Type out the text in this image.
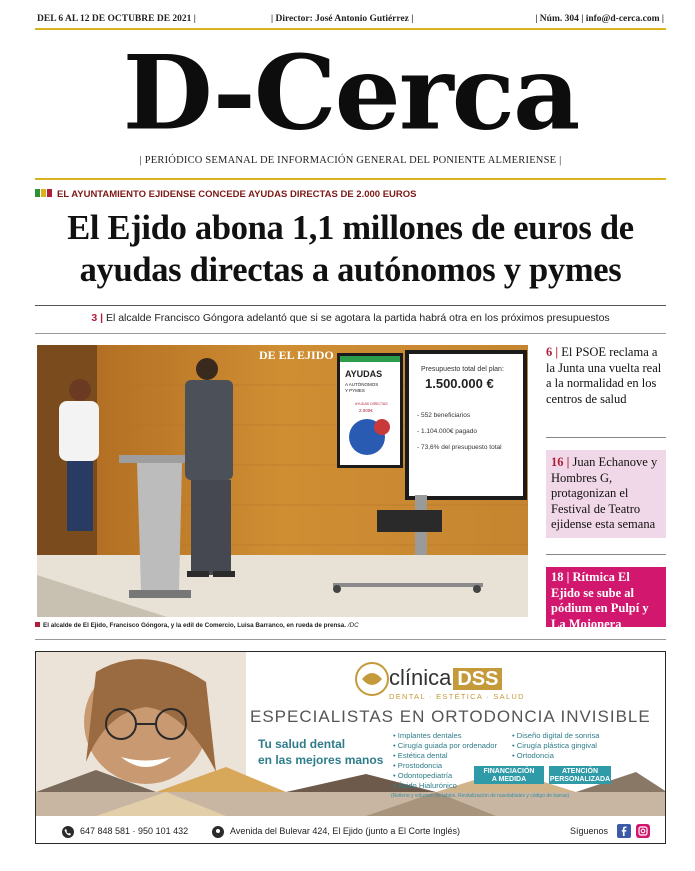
DEL 6 AL 12 DE OCTUBRE DE 2021 |	| Director: José Antonio Gutiérrez |	| Núm. 304 | info@d-cerca.com |
D-Cerca
| PERIÓDICO SEMANAL DE INFORMACIÓN GENERAL DEL PONIENTE ALMERIENSE |
EL AYUNTAMIENTO EJIDENSE CONCEDE AYUDAS DIRECTAS DE 2.000 EUROS
El Ejido abona 1,1 millones de euros de ayudas directas a autónomos y pymes
3 | El alcalde Francisco Góngora adelantó que si se agotara la partida habrá otra en los próximos presupuestos
DE EL EJIDO
AYUDAS
A AUTÓNOMOS
Y PYMES
AYUDAS DIRECTAS
2.000€
Presupuesto total del plan:
1.500.000 €
- 552 beneficiarios
- 1.104.000€ pagado
- 73,6% del presupuesto total
El alcalde de El Ejido, Francisco Góngora, y la edil de Comercio, Luisa Barranco, en rueda de prensa. /DC
6 | El PSOE reclama a la Junta una vuelta real a la normalidad en los centros de salud
16 | Juan Echanove y Hombres G, protagonizan el Festival de Teatro ejidense esta semana
18 | Rítmica El Ejido se sube al pódium en Pulpí y La Mojonera
clínica DSS
DENTAL · ESTÉTICA · SALUD
ESPECIALISTAS EN ORTODONCIA INVISIBLE
Tu salud dental
en las mejores manos
• Implantes dentales
• Cirugía guiada por ordenador
• Estética dental
• Prostodoncia
• Odontopediatría
• Ácido Hialurónico
• Diseño digital de sonrisa
• Cirugía plástica gingival
• Ortodoncia
FINANCIACIÓN
A MEDIDA
ATENCIÓN
PERSONALIZADA
(Relleno y volumen de labios. Revitalización de nasolabiales y código de barras)
647 848 581 · 950 101 432	Avenida del Bulevar 424, El Ejido (junto a El Corte Inglés)	Síguenos
